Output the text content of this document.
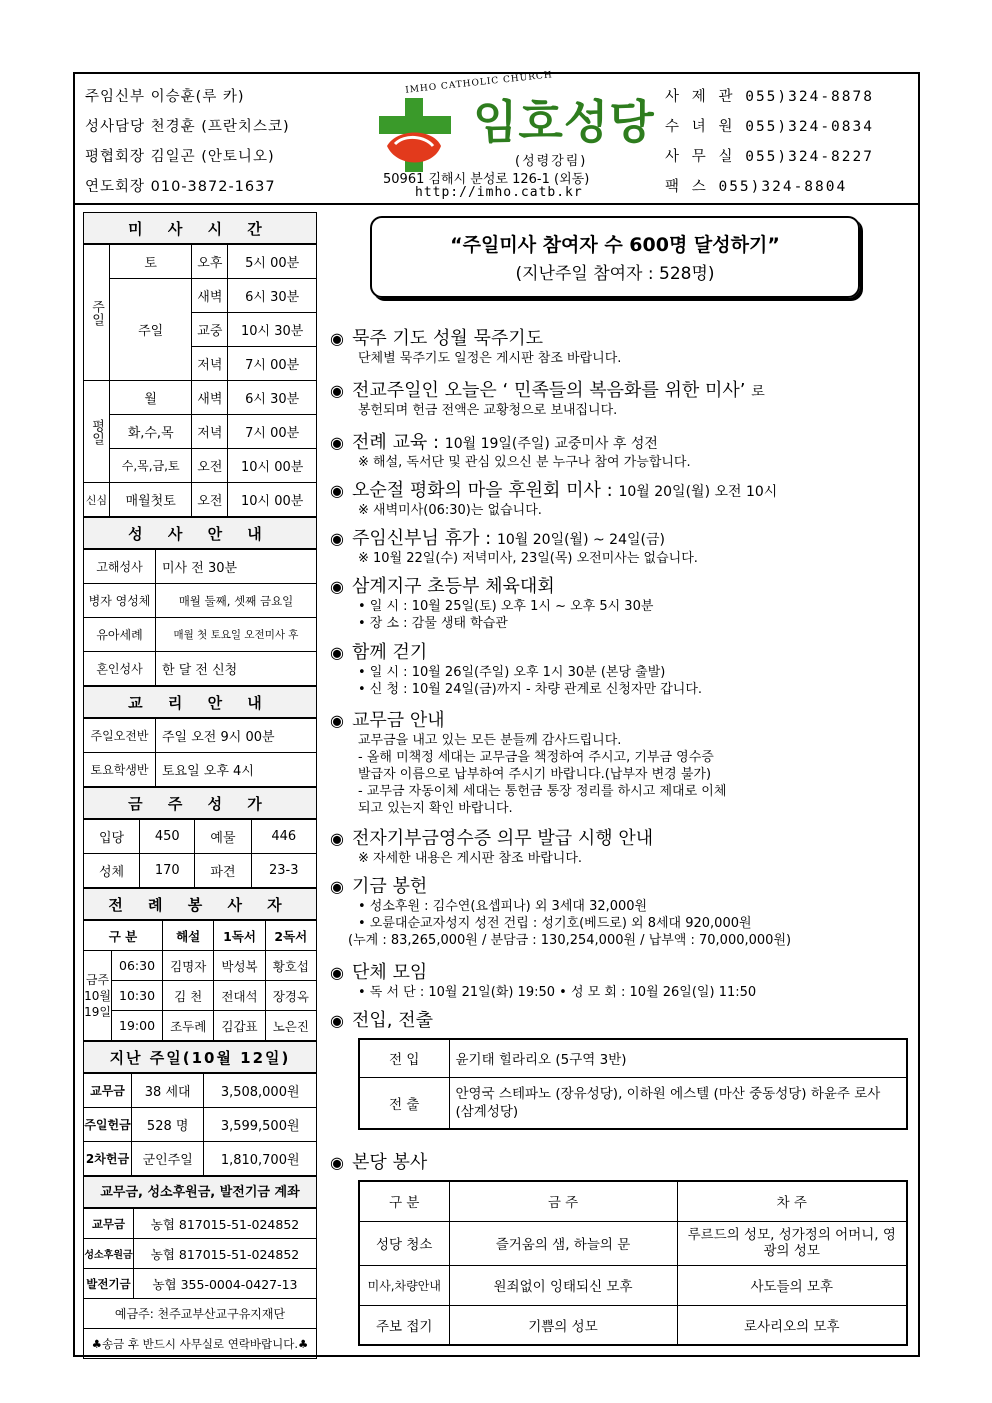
주임신부 이승훈(루 카)
성사담당 천경훈 (프란치스코)
평협회장 김일곤 (안토니오)
연도회장 010-3872-1637
IMHO CATHOLIC CHURCH
임호성당
(성령강림)
50961 김해시 분성로 126-1 (외동)
http://imho.catb.kr
사 제 관 055)324-8878
수 녀 원 055)324-0834
사 무 실 055)324-8227
팩 스 055)324-8804
미 사 시 간
주일	토	오후	5시 00분
	주일	새벽	6시 30분
		교중	10시 30분
		저녁	7시 00분
평일	월	새벽	6시 30분
	화,수,목	저녁	7시 00분
	수,목,금,토	오전	10시 00분
신심	매월첫토	오전	10시 00분
성 사 안 내
고해성사	미사 전 30분
병자 영성체	매월 둘째, 셋째 금요일
유아세례	매월 첫 토요일 오전미사 후
혼인성사	한 달 전 신청
교 리 안 내
주일오전반	주일 오전 9시 00분
토요학생반	토요일 오후 4시
금 주 성 가
입당	450	예물	446
성체	170	파견	23-3
전 례 봉 사 자
구 분		해설	1독서	2독서
금주 10월 19일	06:30	김명자	박성복	황호섭
	10:30	김 천	전대석	장경옥
	19:00	조두례	김갑표	노은진
지난 주일(10월 12일)
교무금	38 세대	3,508,000원
주일헌금	528 명	3,599,500원
2차헌금	군인주일	1,810,700원
교무금, 성소후원금, 발전기금 계좌
교무금	농협 817015-51-024852
성소후원금	농협 817015-51-024852
발전기금	농협 355-0004-0427-13
예금주: 천주교부산교구유지재단	
♣송금 후 반드시 사무실로 연락바랍니다.♣	
“주일미사 참여자 수 600명 달성하기”
(지난주일 참여자 : 528명)
◉ 묵주 기도 성월 묵주기도
단체별 묵주기도 일정은 게시판 참조 바랍니다.
◉ 전교주일인 오늘은 ‘ 민족들의 복음화를 위한 미사’ 로
봉헌되며 헌금 전액은 교황청으로 보내집니다.
◉ 전례 교육 : 10월 19일(주일) 교중미사 후 성전
※ 해설, 독서단 및 관심 있으신 분 누구나 참여 가능합니다.
◉ 오순절 평화의 마을 후원회 미사 : 10월 20일(월) 오전 10시
※ 새벽미사(06:30)는 없습니다.
◉ 주임신부님 휴가 : 10월 20일(월) ~ 24일(금)
※ 10월 22일(수) 저녁미사, 23일(목) 오전미사는 없습니다.
◉ 삼계지구 초등부 체육대회
• 일 시 : 10월 25일(토) 오후 1시 ~ 오후 5시 30분
• 장 소 : 감물 생태 학습관
◉ 함께 걷기
• 일 시 : 10월 26일(주일) 오후 1시 30분 (본당 출발)
• 신 청 : 10월 24일(금)까지 - 차량 관계로 신청자만 갑니다.
◉ 교무금 안내
교무금을 내고 있는 모든 분들께 감사드립니다.
- 올해 미책정 세대는 교무금을 책정하여 주시고, 기부금 영수증
발급자 이름으로 납부하여 주시기 바랍니다.(납부자 변경 불가)
- 교무금 자동이체 세대는 통헌금 통장 정리를 하시고 제대로 이체
되고 있는지 확인 바랍니다.
◉ 전자기부금영수증 의무 발급 시행 안내
※ 자세한 내용은 게시판 참조 바랍니다.
◉ 기금 봉헌
• 성소후원 : 김수연(요셉피나) 외 3세대 32,000원
• 오륜대순교자성지 성전 건립 : 성기호(베드로) 외 8세대 920,000원
(누계 : 83,265,000원 / 분담금 : 130,254,000원 / 납부액 : 70,000,000원)
◉ 단체 모임
• 독 서 단 : 10월 21일(화) 19:50 • 성 모 회 : 10월 26일(일) 11:50
◉ 전입, 전출
전 입	윤기태 힐라리오 (5구역 3반)
전 출	안영국 스테파노 (장유성당), 이하원 에스텔 (마산 중동성당) 하윤주 로사 (삼계성당)
◉ 본당 봉사
구 분	금 주	차 주
성당 청소	즐거움의 샘, 하늘의 문	루르드의 성모, 성가정의 어머니, 영광의 성모
미사,차량안내	원죄없이 잉태되신 모후	사도들의 모후
주보 접기	기쁨의 성모	로사리오의 모후
